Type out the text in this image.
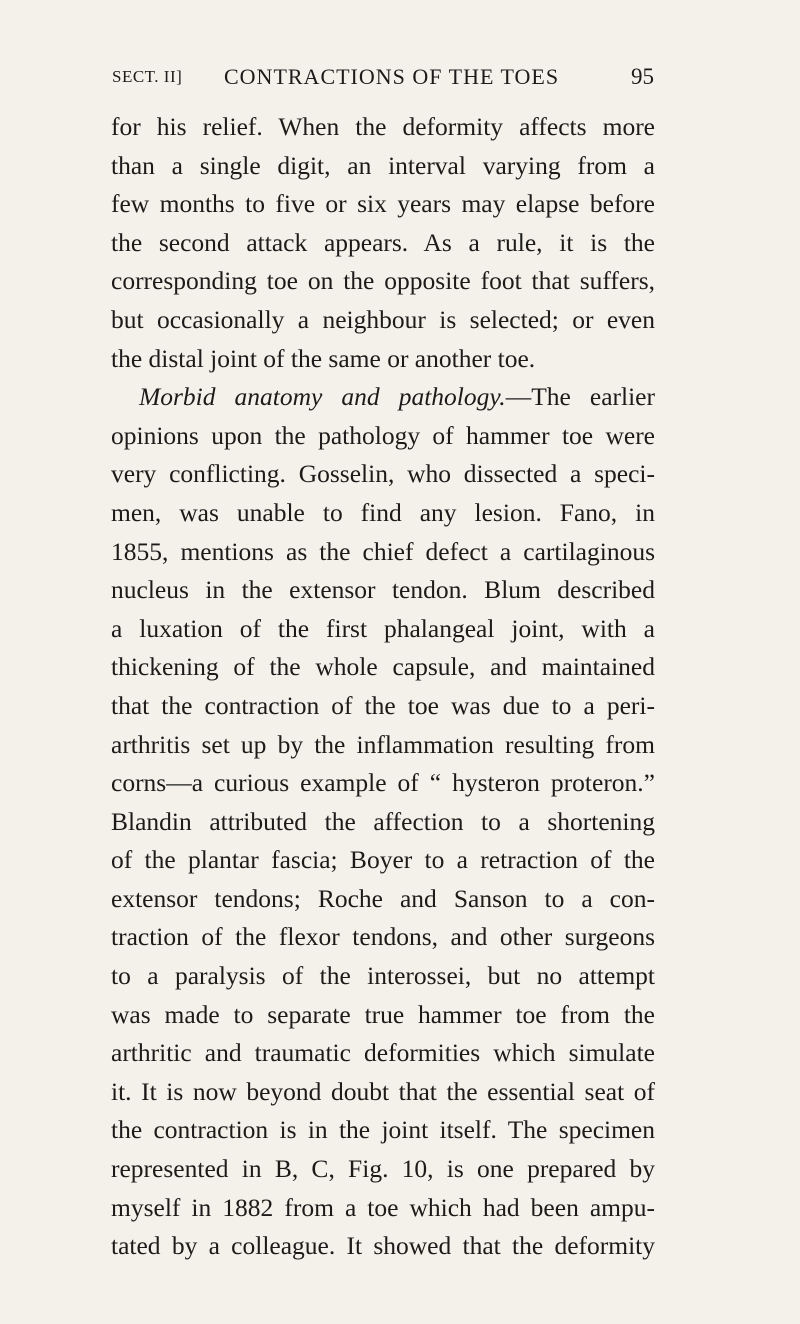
SECT. II] CONTRACTIONS OF THE TOES	95
for his relief. When the deformity affects more
than a single digit, an interval varying from a
few months to five or six years may elapse before
the second attack appears. As a rule, it is the
corresponding toe on the opposite foot that suffers,
but occasionally a neighbour is selected; or even
the distal joint of the same or another toe.
Morbid anatomy and pathology.—The earlier
opinions upon the pathology of hammer toe were
very conflicting. Gosselin, who dissected a speci-
men, was unable to find any lesion. Fano, in
1855, mentions as the chief defect a cartilaginous
nucleus in the extensor tendon. Blum described
a luxation of the first phalangeal joint, with a
thickening of the whole capsule, and maintained
that the contraction of the toe was due to a peri-
arthritis set up by the inflammation resulting from
corns—a curious example of “ hysteron proteron.”
Blandin attributed the affection to a shortening
of the plantar fascia; Boyer to a retraction of the
extensor tendons; Roche and Sanson to a con-
traction of the flexor tendons, and other surgeons
to a paralysis of the interossei, but no attempt
was made to separate true hammer toe from the
arthritic and traumatic deformities which simulate
it. It is now beyond doubt that the essential seat of
the contraction is in the joint itself. The specimen
represented in B, C, Fig. 10, is one prepared by
myself in 1882 from a toe which had been ampu-
tated by a colleague. It showed that the deformity
